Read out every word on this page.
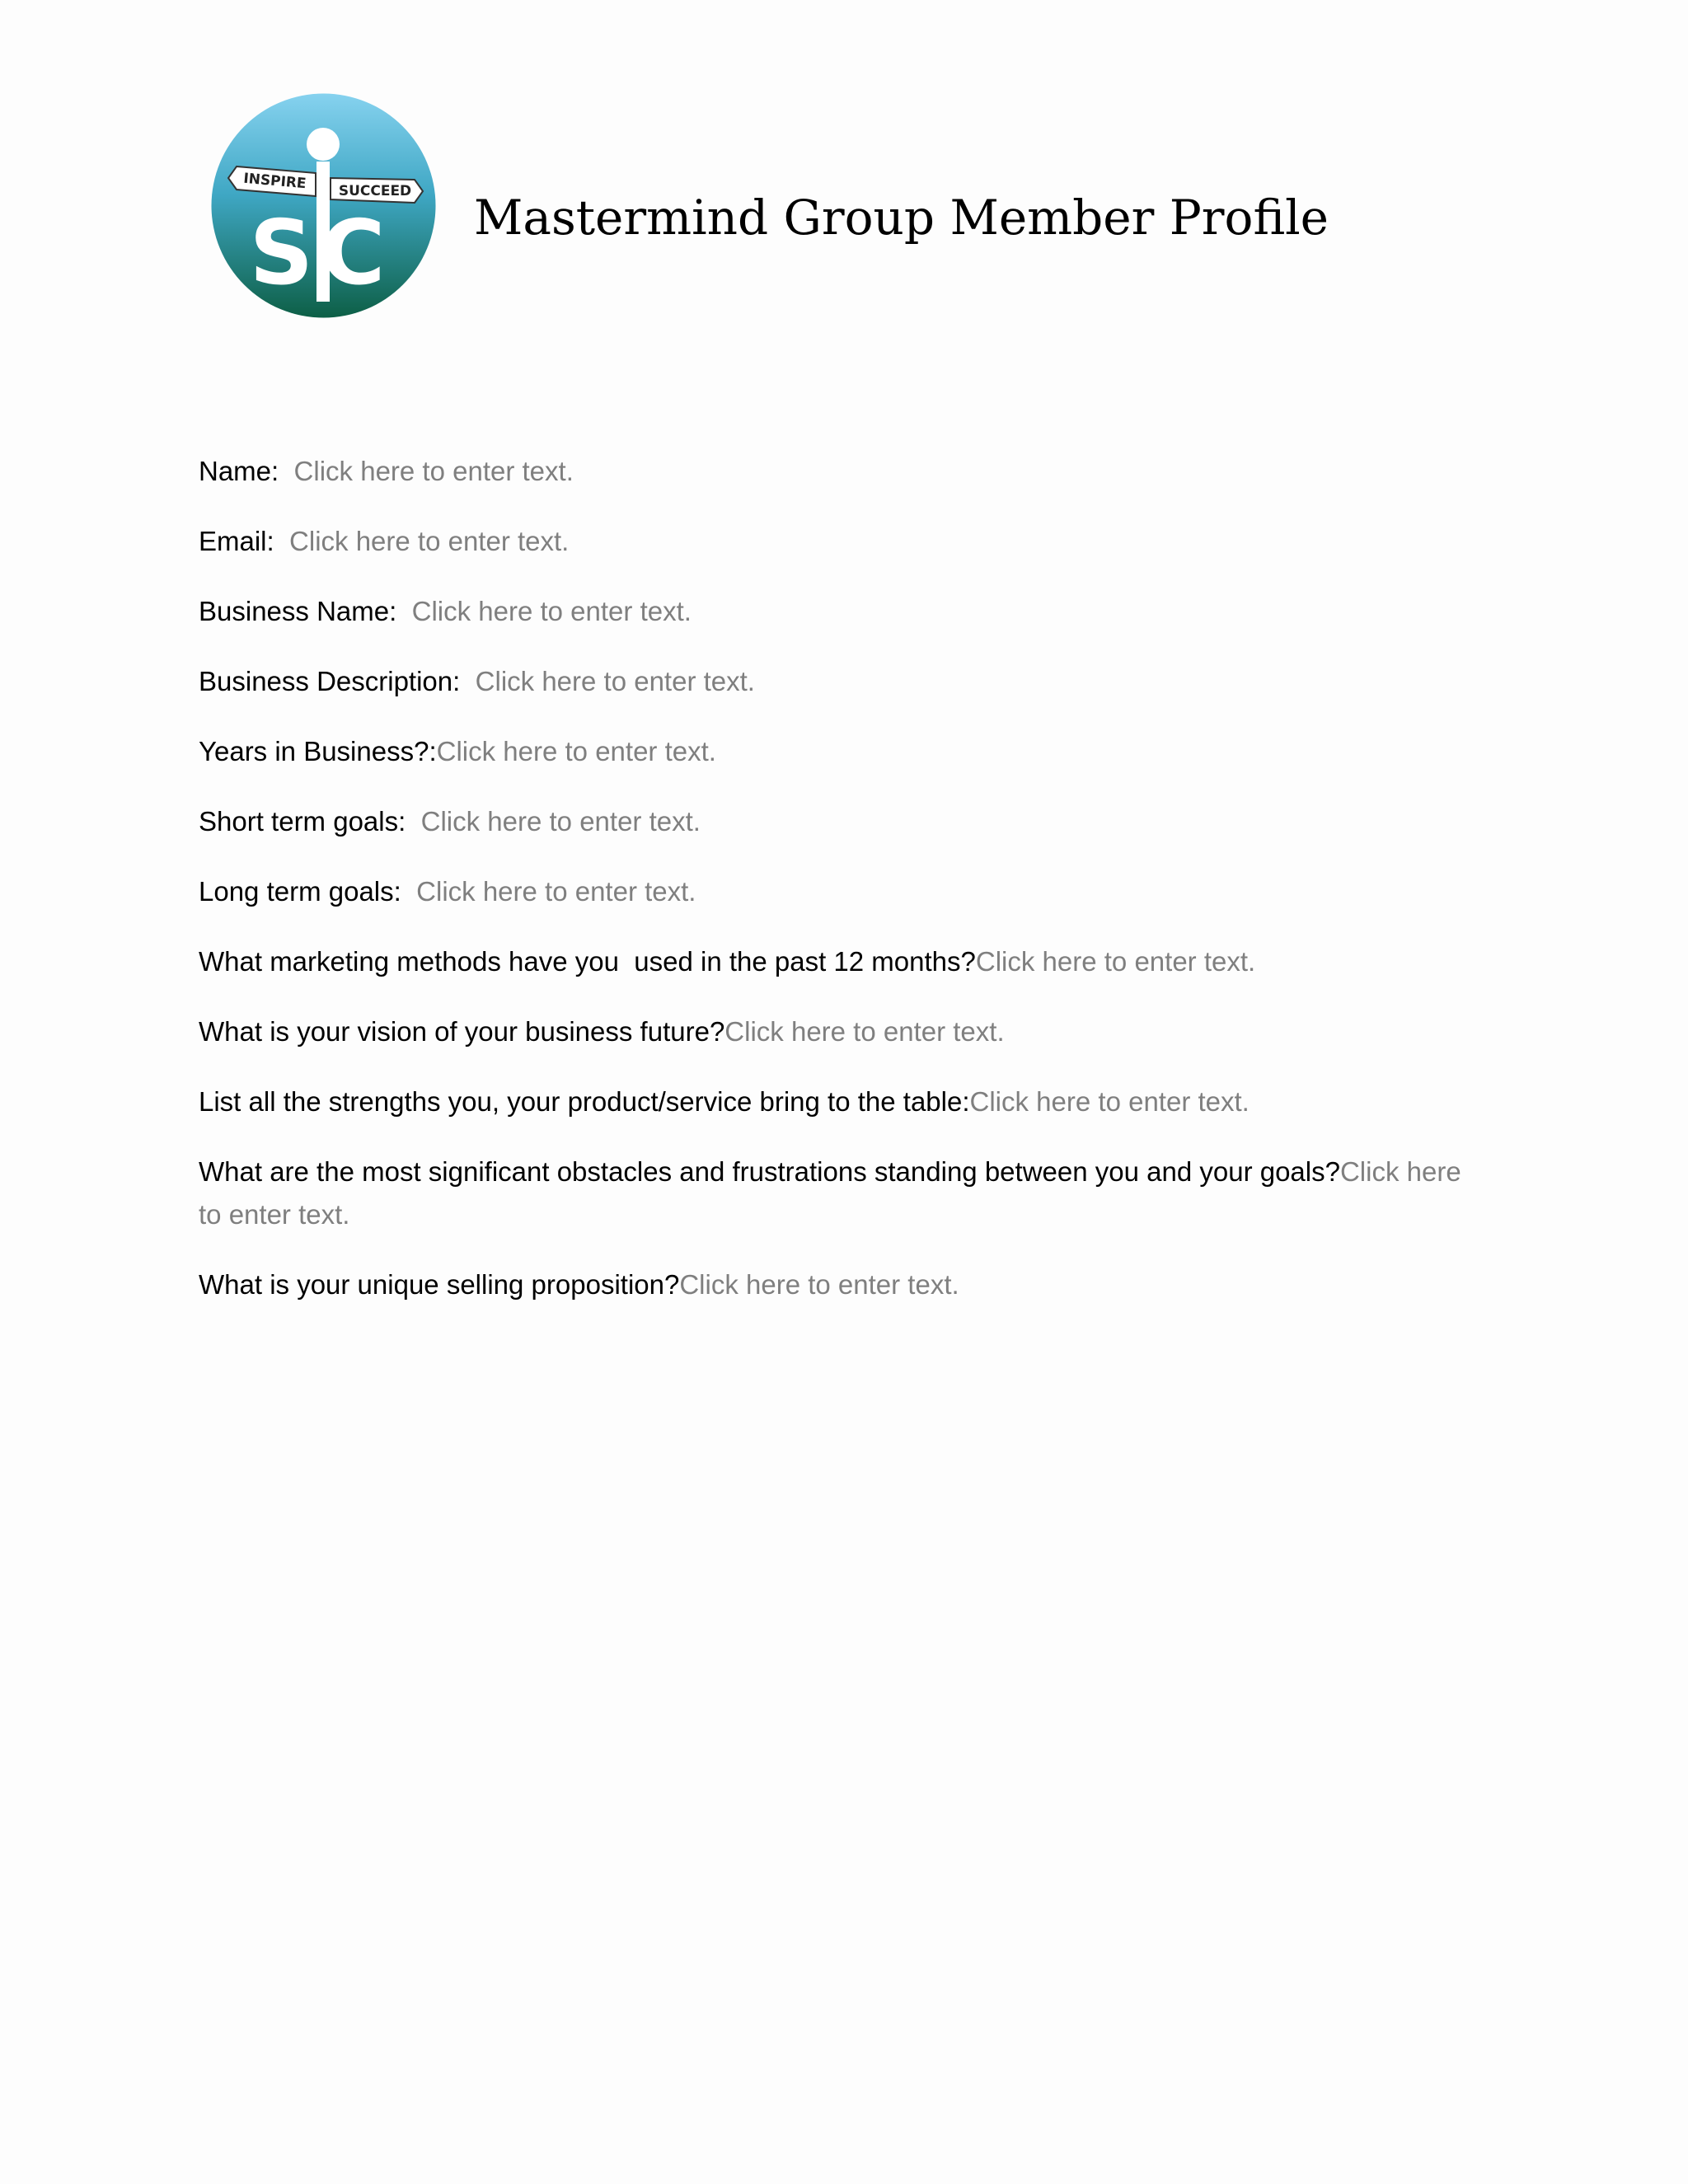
INSPIRE SUCCEED
SC Mastermind Group Member Profile

Name: Click here to enter text.

Email: Click here to enter text.

Business Name: Click here to enter text.

Business Description: Click here to enter text.

Years in Business?:Click here to enter text.

Short term goals: Click here to enter text.

Long term goals: Click here to enter text.

What marketing methods have you  used in the past 12 months?Click here to enter text.

What is your vision of your business future?Click here to enter text.

List all the strengths you, your product/service bring to the table:Click here to enter text.

What are the most significant obstacles and frustrations standing between you and your goals?Click here to enter text.

What is your unique selling proposition?Click here to enter text.
